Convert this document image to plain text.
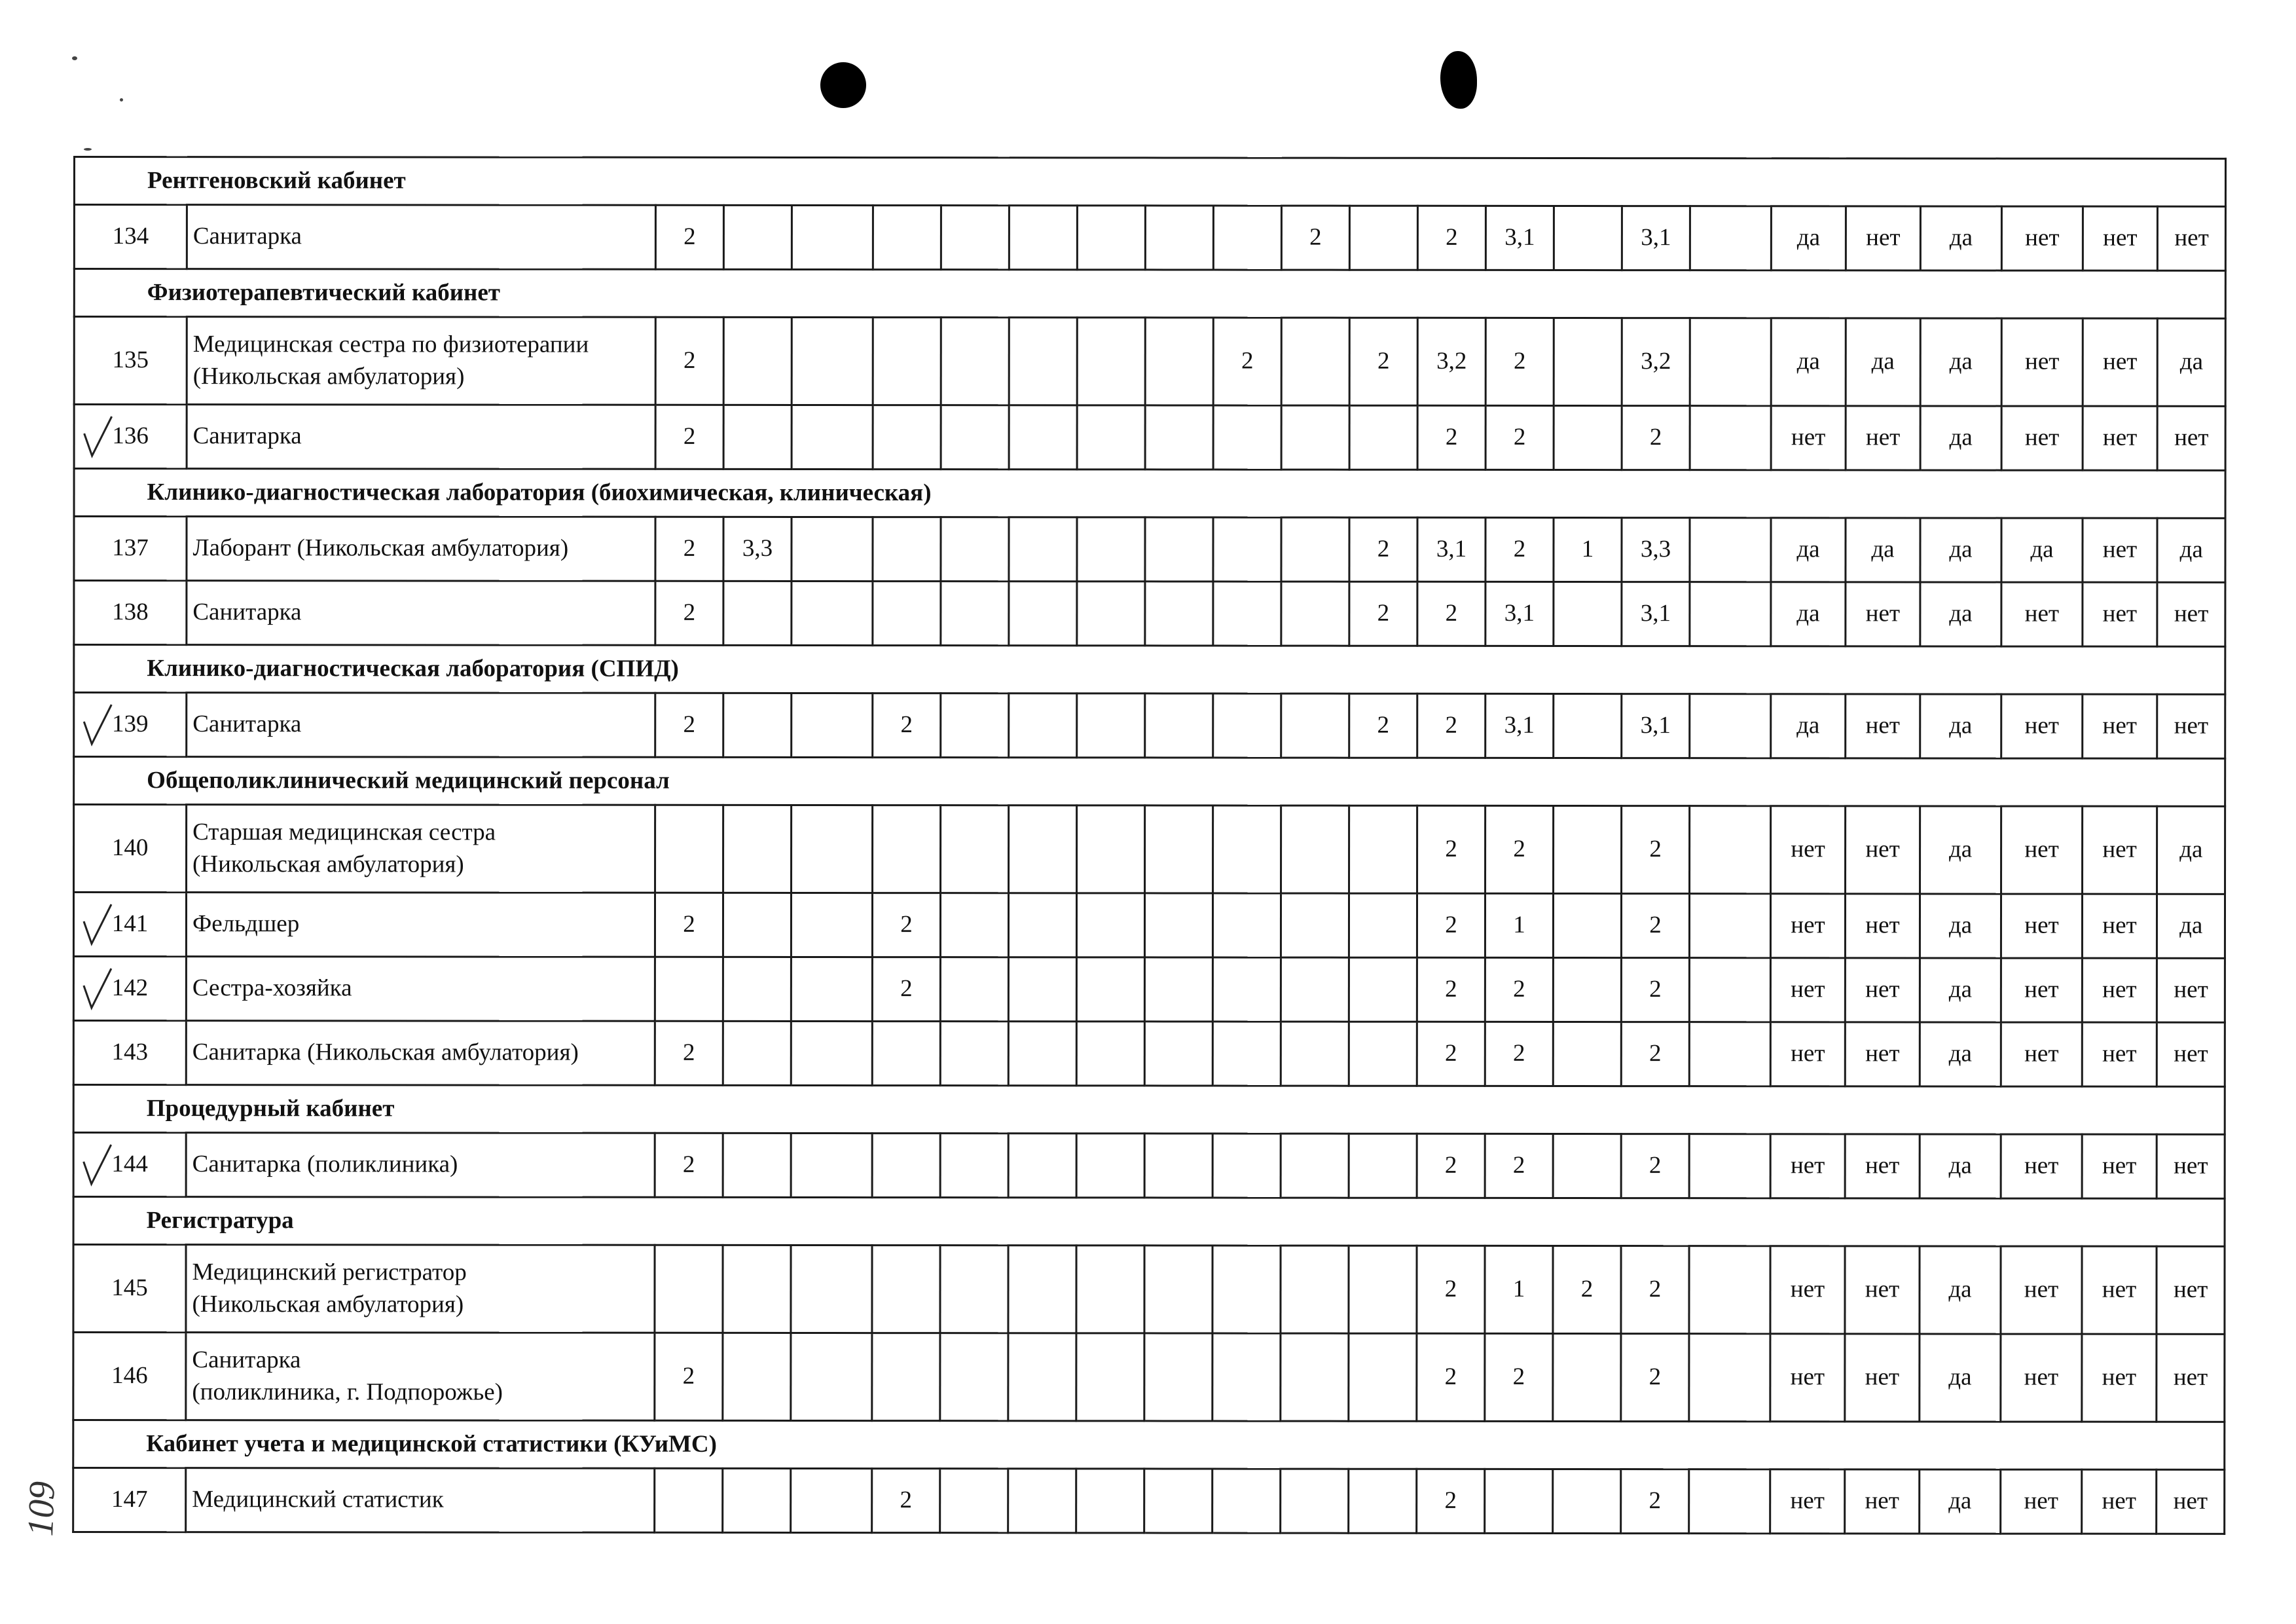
109
Рентгеновский кабинет																							
134	Санитарка	2									2		2	3,1		3,1		да	нет	да	нет	нет	нет
Физиотерапевтический кабинет																							
135	Медицинская сестра по физиотерапии
(Никольская амбулатория)	2								2		2	3,2	2		3,2		да	да	да	нет	нет	да
136	Санитарка	2											2	2		2		нет	нет	да	нет	нет	нет
Клинико-диагностическая лаборатория (биохимическая, клиническая)																							
137	Лаборант (Никольская амбулатория)	2	3,3									2	3,1	2	1	3,3		да	да	да	да	нет	да
138	Санитарка	2										2	2	3,1		3,1		да	нет	да	нет	нет	нет
Клинико-диагностическая лаборатория (СПИД)																							
139	Санитарка	2			2							2	2	3,1		3,1		да	нет	да	нет	нет	нет
Общеполиклинический медицинский персонал																							
140	Старшая медицинская сестра
(Никольская амбулатория)												2	2		2		нет	нет	да	нет	нет	да
141	Фельдшер	2			2								2	1		2		нет	нет	да	нет	нет	да
142	Сестра-хозяйка				2								2	2		2		нет	нет	да	нет	нет	нет
143	Санитарка (Никольская амбулатория)	2											2	2		2		нет	нет	да	нет	нет	нет
Процедурный кабинет																							
144	Санитарка (поликлиника)	2											2	2		2		нет	нет	да	нет	нет	нет
Регистратура																							
145	Медицинский регистратор
(Никольская амбулатория)												2	1	2	2		нет	нет	да	нет	нет	нет
146	Санитарка
(поликлиника, г. Подпорожье)	2											2	2		2		нет	нет	да	нет	нет	нет
Кабинет учета и медицинской статистики (КУиМС)																							
147	Медицинский статистик				2								2			2		нет	нет	да	нет	нет	нет
